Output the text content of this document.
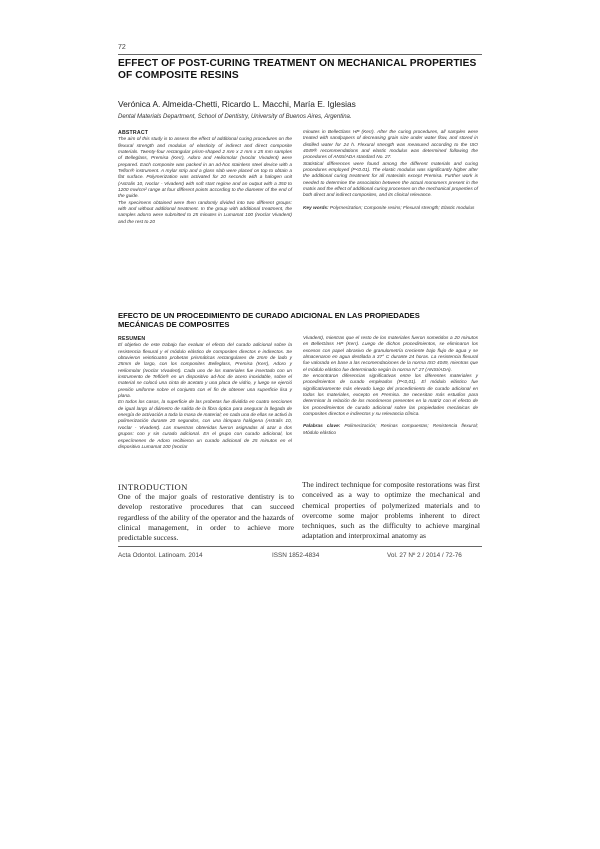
72
EFFECT OF POST-CURING TREATMENT ON MECHANICAL PROPERTIES OF COMPOSITE RESINS
Verónica A. Almeida-Chetti, Ricardo L. Macchi, María E. Iglesias
Dental Materials Department, School of Dentistry, University of Buenos Aires, Argentina.

ABSTRACT

The aim of this study is to assess the effect of additional curing procedures on the flexural strength and modulus of elasticity of indirect and direct composite materials. Twenty-four rectangular prism-shaped 2 mm x 2 mm x 25 mm samples of Belleglass, Premisa (Kerr), Adoro and Heliomolar (Ivoclar Vivadent) were prepared. Each composite was packed in an ad-hoc stainless steel device with a Teflon® instrument. A mylar strip and a glass slab were placed on top to obtain a flat surface. Polymerization was activated for 20 seconds with a halogen unit (Astralis 10, Ivoclar - Vivadent) with soft start regime and an output with a 350 to 1200 mw/cm² range at four different points according to the diameter of the end of the guide.

The specimens obtained were then randomly divided into two different groups: with and without additional treatment. In the group with additional treatment, the samples adorro were submitted to 25 minutes in Lumamat 100 (Ivoclar Vivadent) and the rest to 20

minutes in BelleGlass HP (Kerr). After the curing procedures, all samples were treated with sandpapers of decreasing grain size under water flow, and stored in distilled water for 24 h. Flexural strength was measured according to the ISO 4049® recommendations and elastic modulus was determined following the procedures of ANSI/ADA standard No. 27.

Statistical differences were found among the different materials and curing procedures employed (P<0.01). The elastic modulus was significantly higher after the additional curing treatment for all materials except Premisa. Further work is needed to determine the association between the actual monomers present in the matrix and the effect of additional curing processes on the mechanical properties of both direct and indirect composites, and its clinical relevance.

Key words: Polymerization; Composite resins; Flexural strength; Elastic modulus

EFECTO DE UN PROCEDIMIENTO DE CURADO ADICIONAL EN LAS PROPIEDADES MECÁNICAS DE COMPOSITES

RESUMEN

El objetivo de este trabajo fue evaluar el efecto del curado adicional sobre la resistencia flexural y el módulo elástico de composites directos e indirectos. Se obtuvieron veinticuatro probetas prismáticas rectangulares de 2mm de lado y 25mm de largo, con los composites Belleglass, Premisa (Kerr), Adoro y Heliomolar (Ivoclar Vivadent). Cada uno de los materiales fue insertado con un instrumento de Teflón® en un dispositivo ad-hoc de acero inoxidable, sobre el material se colocó una cinta de acetato y una placa de vidrio, y luego se ejerció presión uniforme sobre el conjunto con el fin de obtener una superficie lisa y plana.

En todos los casos, la superficie de las probetas fue dividida en cuatro secciones de igual largo al diámetro de salida de la fibra óptica para asegurar la llegada de energía de activación a toda la masa de material; en cada una de ellas se activó la polimerización durante 20 segundos, con una lámpara halógena (Astralis 10, Ivoclar - Vivadent). Las muestras obtenidas fueron asignadas al azar a dos grupos: con y sin curado adicional. En el grupo con curado adicional, los especímenes de Adoro recibieron un curado adicional de 25 minutos en el dispositivo Lumamat 100 (Ivoclar

Vivadent), mientras que el resto de los materiales fueron sometidos a 20 minutos en BelleGlass HP (Kerr). Luego de dichos procedimientos, se eliminaron los excesos con papel abrasivo de granulometría creciente bajo flujo de agua y se almacenaron en agua destilada a 37° C durante 24 horas. La resistencia flexural fue valorada en base a las recomendaciones de la norma ISO 4049, mientras que el módulo elástico fue determinado según la norma N° 27 (ANSI/ADA).

Se encontraron diferencias significativas entre los diferentes materiales y procedimientos de curado empleados (P<0,01). El módulo elástico fue significativamente más elevado luego del procedimiento de curado adicional en todos los materiales, excepto en Premisa. Se necesitan más estudios para determinar la relación de los monómeros presentes en la matriz con el efecto de los procedimientos de curado adicional sobre las propiedades mecánicas de composites directos e indirectos y su relevancia clínica.

Palabras clave: Polimerización; Resinas compuestas; Resistencia flexural; Módulo elástico

INTRODUCTION

One of the major goals of restorative dentistry is to develop restorative procedures that can succeed regardless of the ability of the operator and the hazards of clinical management, in order to achieve more predictable success.

The indirect technique for composite restorations was first conceived as a way to optimize the mechanical and chemical properties of polymerized materials and to overcome some major problems inherent to direct techniques, such as the difficulty to achieve marginal adaptation and interproximal anatomy as

Acta Odontol. Latinoam. 2014	ISSN 1852-4834	Vol. 27 Nº 2 / 2014 / 72-76
